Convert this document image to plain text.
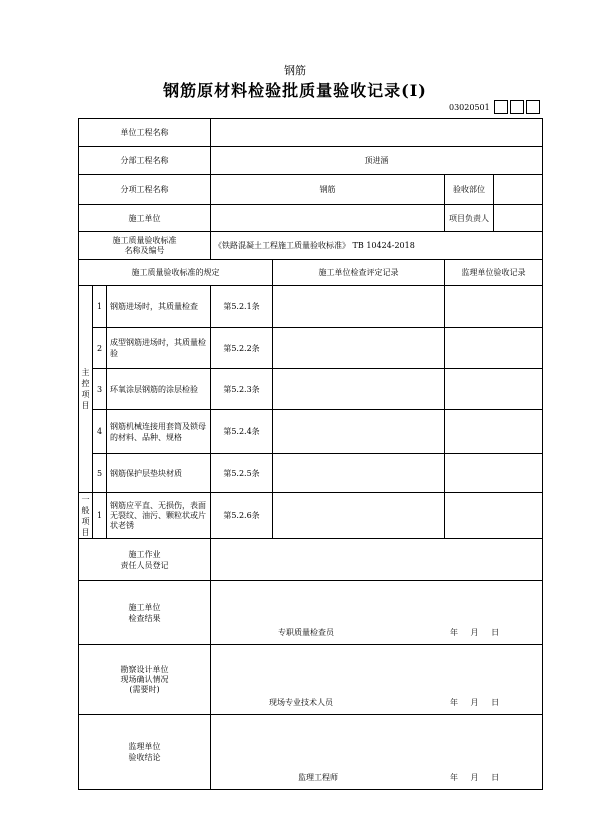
钢筋
钢筋原材料检验批质量验收记录(Ⅰ)
03020501
单位工程名称					
分部工程名称			顶进涵		
分项工程名称			钢筋		验收部位

施工单位					项目负责人

施工质量验收标准
名称及编号			《铁路混凝土工程施工质量验收标准》 TB 10424-2018		
施工质量验收标准的规定				施工单位检查评定记录	监理单位验收记录

主
控
项
目	1	钢筋进场时，其质量检查	第5.2.1条		
	2	成型钢筋进场时，其质量检验	第5.2.2条		
	3	环氧涂层钢筋的涂层检验	第5.2.3条		
	4	钢筋机械连接用套筒及锁母的材料、品种、规格	第5.2.4条		
	5	钢筋保护层垫块材质	第5.2.5条		

一
般
项
目	1	钢筋应平直、无损伤，表面无裂纹、油污、颗粒状或片状老锈	第5.2.6条		

施工作业
责任人员登记					

施工单位
检查结果			专职质量检查员 年 月 日		

勘察设计单位
现场确认情况
(需要时)			现场专业技术人员 年 月 日		

监理单位
验收结论			监理工程师 年 月 日		
